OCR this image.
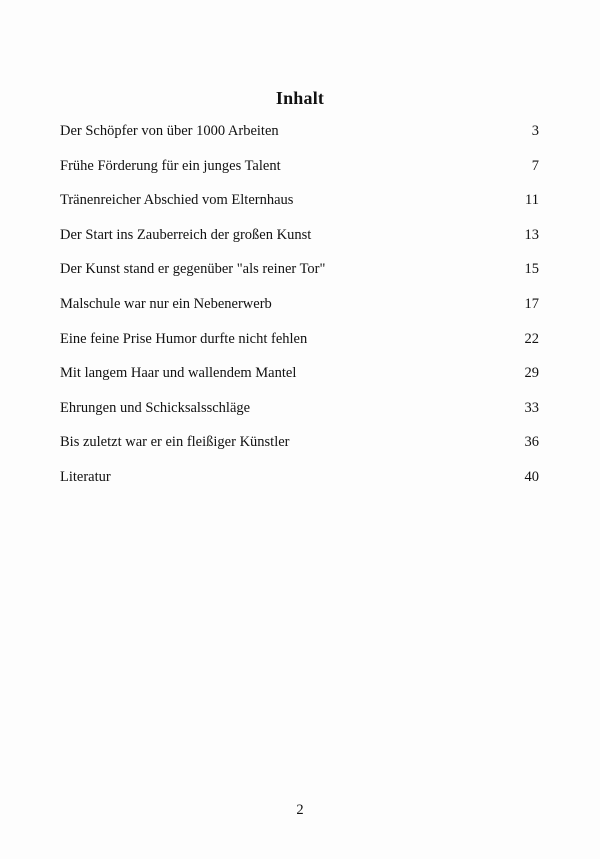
Inhalt
Der Schöpfer von über 1000 Arbeiten	3
Frühe Förderung für ein junges Talent	7
Tränenreicher Abschied vom Elternhaus	11
Der Start ins Zauberreich der großen Kunst	13
Der Kunst stand er gegenüber "als reiner Tor"	15
Malschule war nur ein Nebenerwerb	17
Eine feine Prise Humor durfte nicht fehlen	22
Mit langem Haar und wallendem Mantel	29
Ehrungen und Schicksalsschläge	33
Bis zuletzt war er ein fleißiger Künstler	36
Literatur	40
2
